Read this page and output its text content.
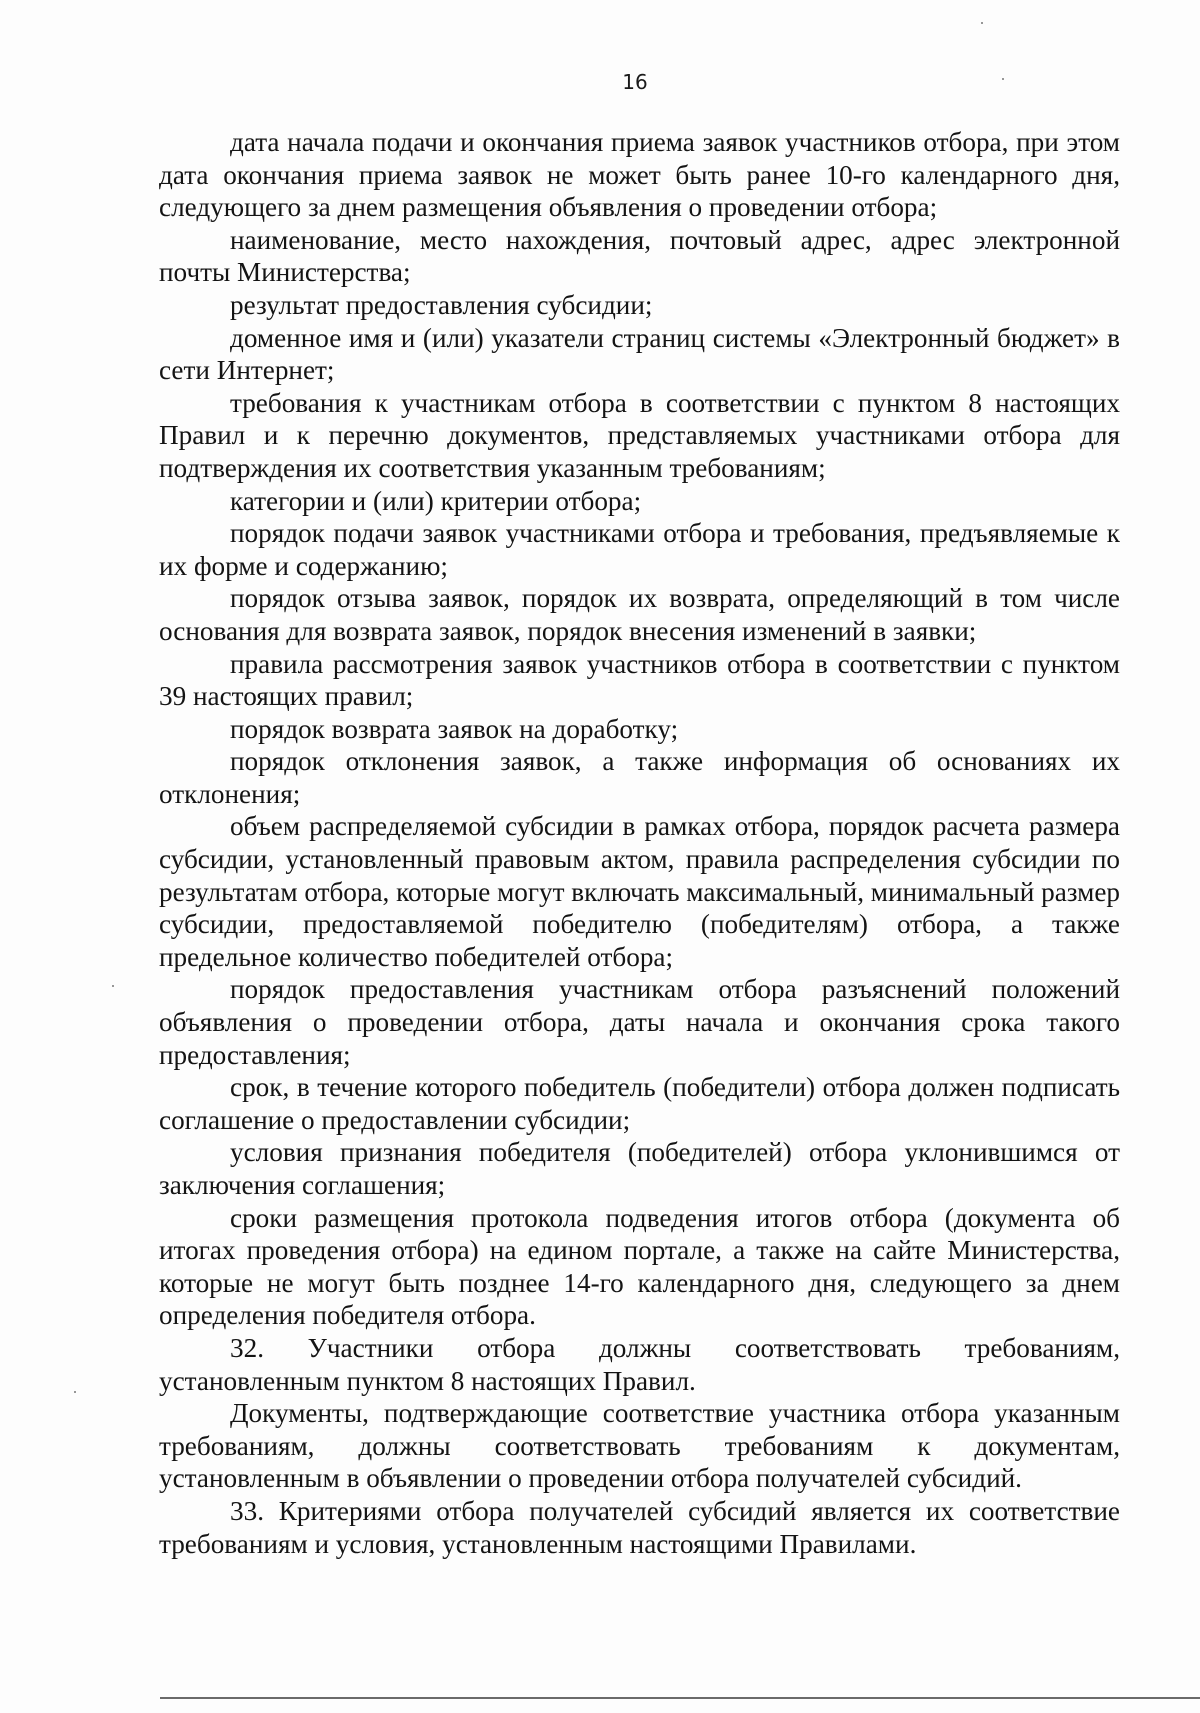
16

дата начала подачи и окончания приема заявок участников отбора, при этом дата окончания приема заявок не может быть ранее 10-го календарного дня, следующего за днем размещения объявления о проведении отбора;

наименование, место нахождения, почтовый адрес, адрес электронной почты Министерства;

результат предоставления субсидии;

доменное имя и (или) указатели страниц системы «Электронный бюджет» в сети Интернет;

требования к участникам отбора в соответствии с пунктом 8 настоящих Правил и к перечню документов, представляемых участниками отбора для подтверждения их соответствия указанным требованиям;

категории и (или) критерии отбора;

порядок подачи заявок участниками отбора и требования, предъявляемые к их форме и содержанию;

порядок отзыва заявок, порядок их возврата, определяющий в том числе основания для возврата заявок, порядок внесения изменений в заявки;

правила рассмотрения заявок участников отбора в соответствии с пунктом 39 настоящих правил;

порядок возврата заявок на доработку;

порядок отклонения заявок, а также информация об основаниях их отклонения;

объем распределяемой субсидии в рамках отбора, порядок расчета размера субсидии, установленный правовым актом, правила распределения субсидии по результатам отбора, которые могут включать максимальный, минимальный размер субсидии, предоставляемой победителю (победителям) отбора, а также предельное количество победителей отбора;

порядок предоставления участникам отбора разъяснений положений объявления о проведении отбора, даты начала и окончания срока такого предоставления;

срок, в течение которого победитель (победители) отбора должен подписать соглашение о предоставлении субсидии;

условия признания победителя (победителей) отбора уклонившимся от заключения соглашения;

сроки размещения протокола подведения итогов отбора (документа об итогах проведения отбора) на едином портале, а также на сайте Министерства, которые не могут быть позднее 14-го календарного дня, следующего за днем определения победителя отбора.

32. Участники отбора должны соответствовать требованиям, установленным пунктом 8 настоящих Правил.

Документы, подтверждающие соответствие участника отбора указанным требованиям, должны соответствовать требованиям к документам, установленным в объявлении о проведении отбора получателей субсидий.

33. Критериями отбора получателей субсидий является их соответствие требованиям и условия, установленным настоящими Правилами.
